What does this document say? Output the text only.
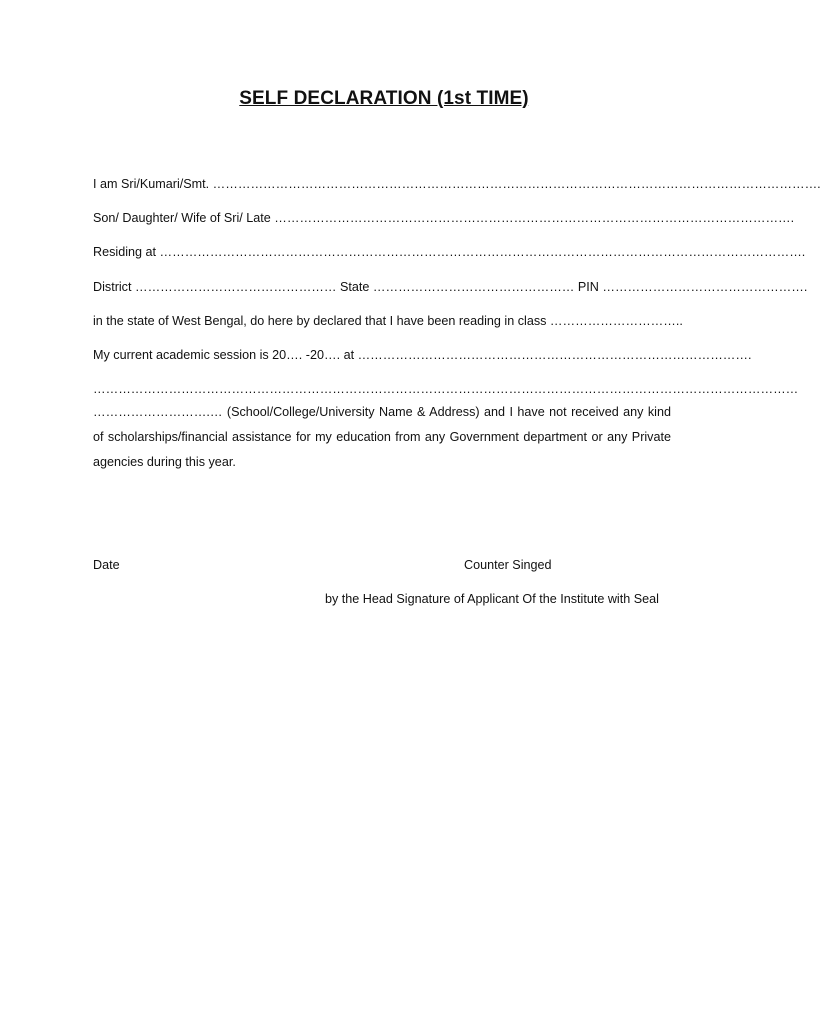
SELF DECLARATION (1st TIME)
I am Sri/Kumari/Smt. ……………………………………………………………………………………………………………………………….
Son/ Daughter/ Wife of Sri/ Late …………………………………………………………………………………………………………….
Residing at ……………………………………………………………………………………………………………………………………….
District ………………………………………… State ………………………………………… PIN ………………………………………….
in the state of West Bengal, do here by declared that I have been reading in class …………………………..
My current academic session is 20…. -20…. at ………………………………………………………………………………….
……………………………………………………………………………………………………………………………………………………
……………………….… (School/College/University Name & Address) and I have not received any kind of scholarships/financial assistance for my education from any Government department or any Private agencies during this year.
Date	Counter Singed
by the Head Signature of Applicant Of the Institute with Seal
